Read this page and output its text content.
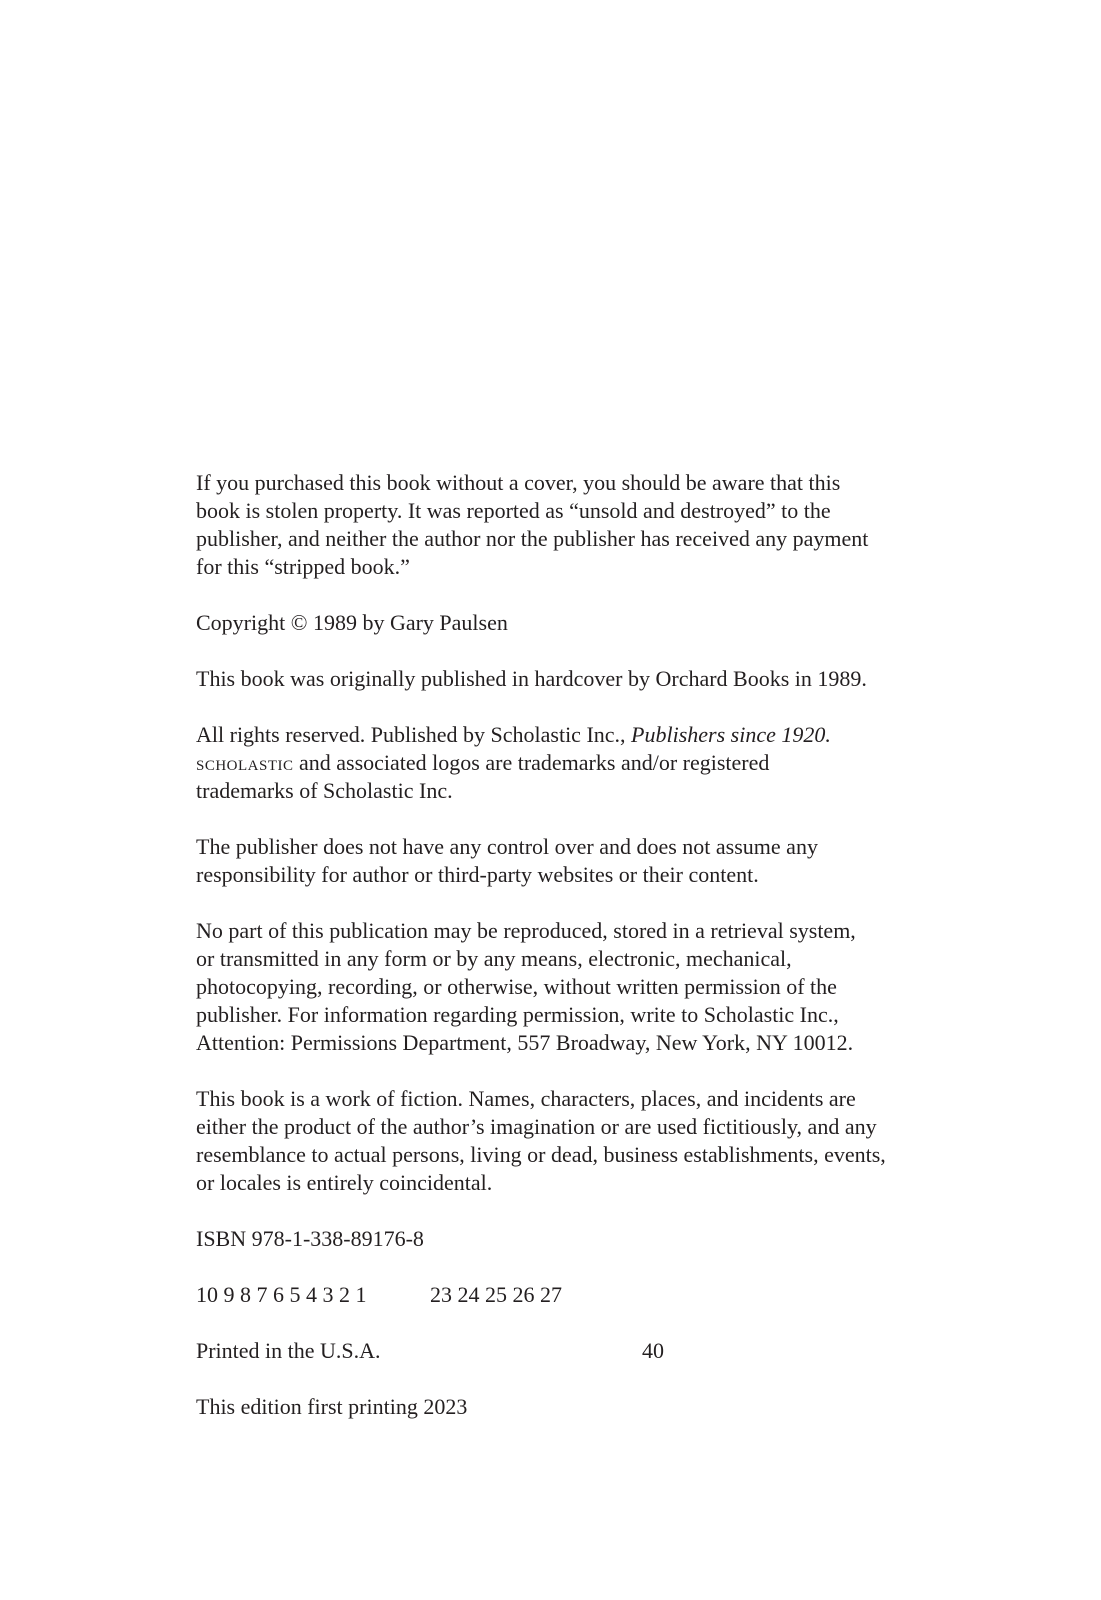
If you purchased this book without a cover, you should be aware that this
book is stolen property. It was reported as “unsold and destroyed” to the
publisher, and neither the author nor the publisher has received any payment
for this “stripped book.”

Copyright © 1989 by Gary Paulsen

This book was originally published in hardcover by Orchard Books in 1989.

All rights reserved. Published by Scholastic Inc., Publishers since 1920.
scholastic and associated logos are trademarks and/or registered
trademarks of Scholastic Inc.

The publisher does not have any control over and does not assume any
responsibility for author or third-party websites or their content.

No part of this publication may be reproduced, stored in a retrieval system,
or transmitted in any form or by any means, electronic, mechanical,
photocopying, recording, or otherwise, without written permission of the
publisher. For information regarding permission, write to Scholastic Inc.,
Attention: Permissions Department, 557 Broadway, New York, NY 10012.

This book is a work of fiction. Names, characters, places, and incidents are
either the product of the author’s imagination or are used fictitiously, and any
resemblance to actual persons, living or dead, business establishments, events,
or locales is entirely coincidental.

ISBN 978-1-338-89176-8

10 9 8 7 6 5 4 3 2 1	23 24 25 26 27

Printed in the U.S.A.	40

This edition first printing 2023
